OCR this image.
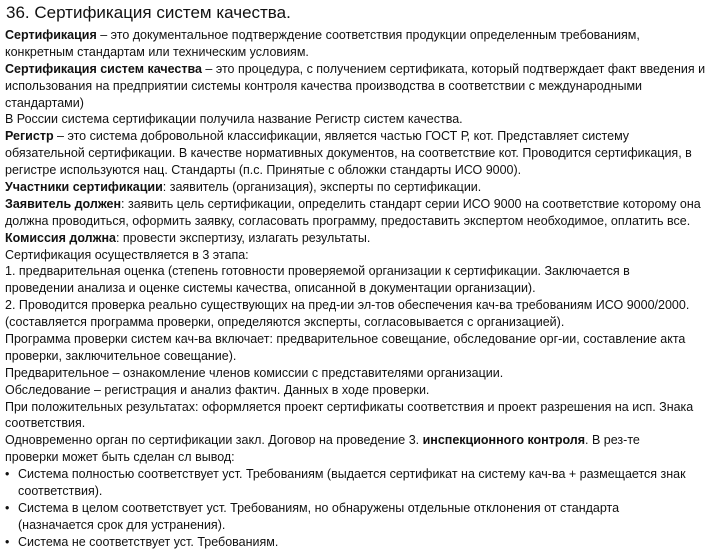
36. Сертификация систем качества.
Сертификация – это документальное подтверждение соответствия продукции определенным требованиям,
конкретным стандартам или техническим условиям.
Сертификация систем качества – это процедура, с получением сертификата, который подтверждает факт введения и
использования на предприятии системы контроля качества производства в соответствии с международными
стандартами)
В России система сертификации получила название Регистр систем качества.
Регистр – это система добровольной классификации, является частью ГОСТ Р, кот. Представляет систему
обязательной сертификации. В качестве нормативных документов, на соответствие кот. Проводится сертификация, в
регистре используются нац. Стандарты (п.с. Принятые с обложки стандарты ИСО 9000).
Участники сертификации: заявитель (организация), эксперты по сертификации.
Заявитель должен: заявить цель сертификации, определить стандарт серии ИСО 9000 на соответствие которому она
должна проводиться, оформить заявку, согласовать программу, предоставить экспертом необходимое, оплатить все.
Комиссия должна: провести экспертизу, излагать результаты.
Сертификация осуществляется в 3 этапа:
1. предварительная оценка (степень готовности проверяемой организации к сертификации. Заключается в
проведении анализа и оценке системы качества, описанной в документации организации).
2. Проводится проверка реально существующих на пред-ии эл-тов обеспечения кач-ва требованиям ИСО 9000/2000.
(составляется программа проверки, определяются эксперты, согласовывается с организацией).
Программа проверки систем кач-ва включает: предварительное совещание, обследование орг-ии, составление акта
проверки, заключительное совещание).
Предварительное – ознакомление членов комиссии с представителями организации.
Обследование – регистрация и анализ фактич. Данных в ходе проверки.
При положительных результатах: оформляется проект сертификаты соответствия и проект разрешения на исп. Знака
соответствия.
Одновременно орган по сертификации закл. Договор на проведение 3. инспекционного контроля. В рез-те
проверки может быть сделан сл вывод:
• Система полностью соответствует уст. Требованиям (выдается сертификат на систему кач-ва + размещается знак
соответствия).
• Система в целом соответствует уст. Требованиям, но обнаружены отдельные отклонения от стандарта
(назначается срок для устранения).
• Система не соответствует уст. Требованиям.
